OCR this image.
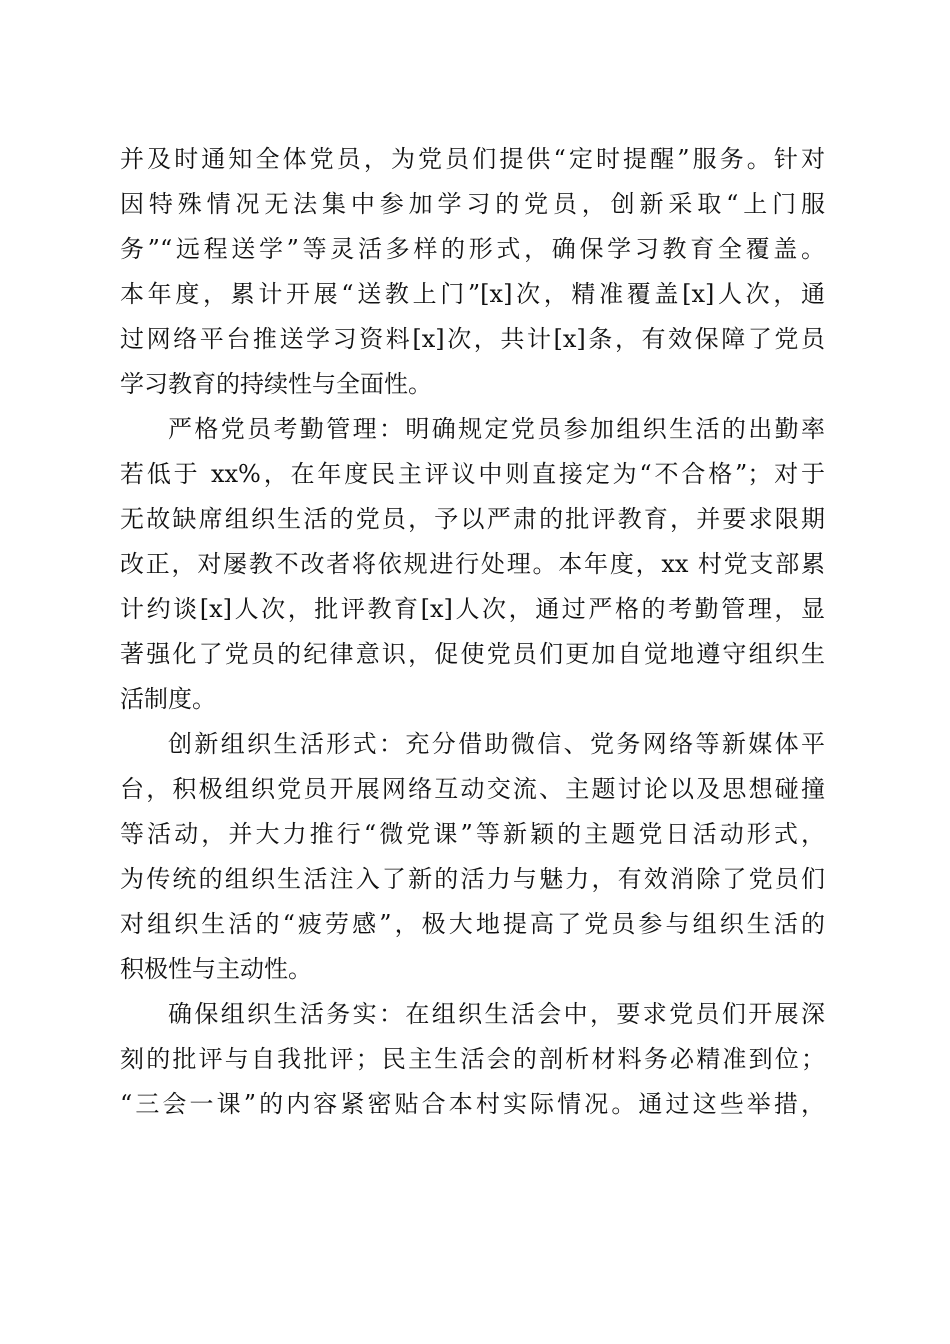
并及时通知全体党员，为党员们提供“定时提醒”服务。针对
因特殊情况无法集中参加学习的党员，创新采取“上门服
务”“远程送学”等灵活多样的形式，确保学习教育全覆盖。
本年度，累计开展“送教上门”[x]次，精准覆盖[x]人次，通
过网络平台推送学习资料[x]次，共计[x]条，有效保障了党员
学习教育的持续性与全面性。
严格党员考勤管理：明确规定党员参加组织生活的出勤率
若低于 xx%，在年度民主评议中则直接定为“不合格”；对于
无故缺席组织生活的党员，予以严肃的批评教育，并要求限期
改正，对屡教不改者将依规进行处理。本年度，xx 村党支部累
计约谈[x]人次，批评教育[x]人次，通过严格的考勤管理，显
著强化了党员的纪律意识，促使党员们更加自觉地遵守组织生
活制度。
创新组织生活形式：充分借助微信、党务网络等新媒体平
台，积极组织党员开展网络互动交流、主题讨论以及思想碰撞
等活动，并大力推行“微党课”等新颖的主题党日活动形式，
为传统的组织生活注入了新的活力与魅力，有效消除了党员们
对组织生活的“疲劳感”，极大地提高了党员参与组织生活的
积极性与主动性。
确保组织生活务实：在组织生活会中，要求党员们开展深
刻的批评与自我批评；民主生活会的剖析材料务必精准到位；
“三会一课”的内容紧密贴合本村实际情况。通过这些举措，
